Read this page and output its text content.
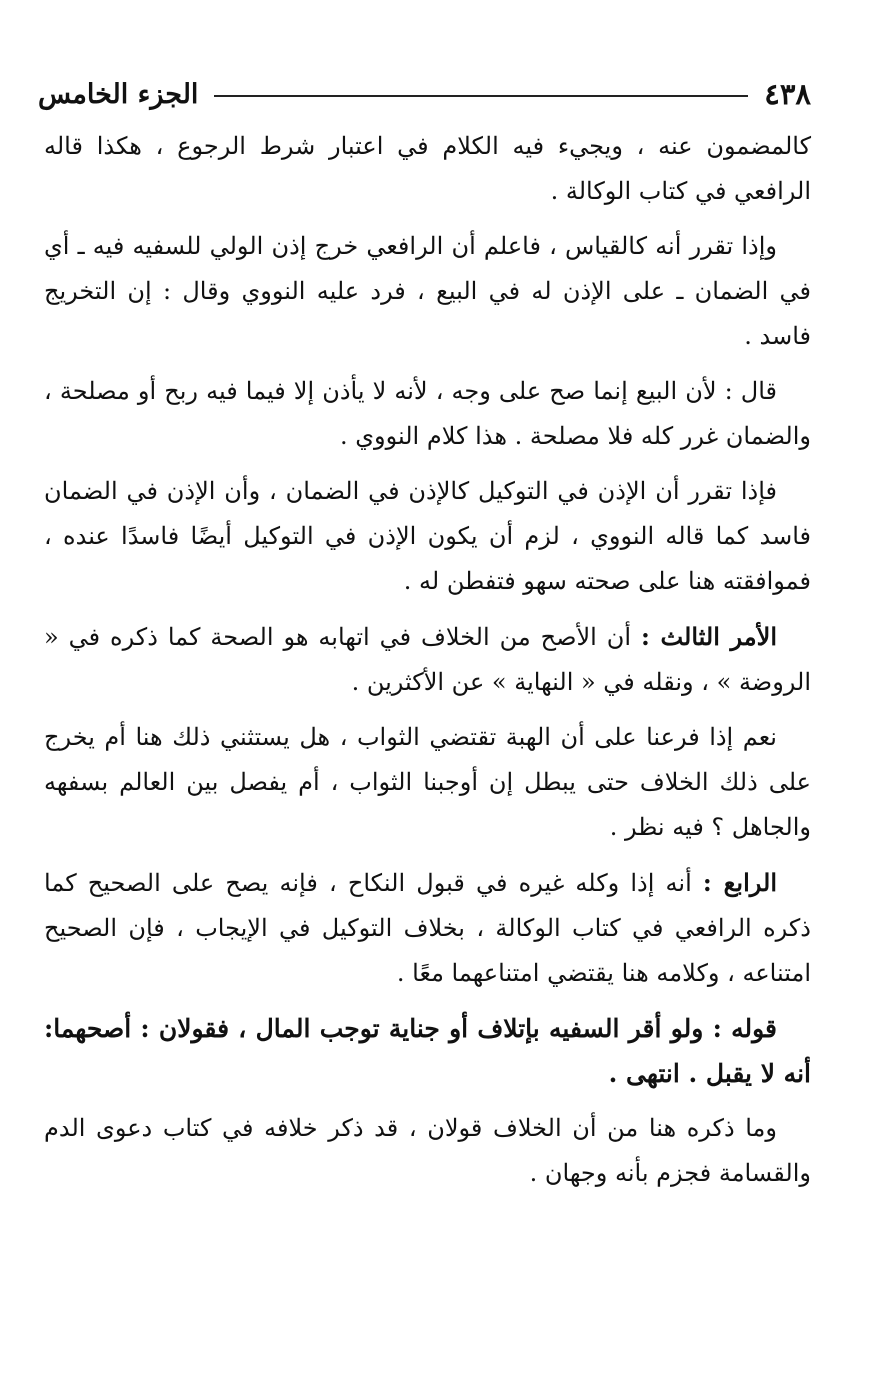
٤٣٨
الجزء الخامس

كالمضمون عنه ، ويجيء فيه الكلام في اعتبار شرط الرجوع ، هكذا قاله الرافعي في كتاب الوكالة .

وإذا تقرر أنه كالقياس ، فاعلم أن الرافعي خرج إذن الولي للسفيه فيه ـ أي في الضمان ـ على الإذن له في البيع ، فرد عليه النووي وقال : إن التخريج فاسد .

قال : لأن البيع إنما صح على وجه ، لأنه لا يأذن إلا فيما فيه ربح أو مصلحة ، والضمان غرر كله فلا مصلحة . هذا كلام النووي .

فإذا تقرر أن الإذن في التوكيل كالإذن في الضمان ، وأن الإذن في الضمان فاسد كما قاله النووي ، لزم أن يكون الإذن في التوكيل أيضًا فاسدًا عنده ، فموافقته هنا على صحته سهو فتفطن له .

الأمر الثالث : أن الأصح من الخلاف في اتهابه هو الصحة كما ذكره في « الروضة » ، ونقله في « النهاية » عن الأكثرين .

نعم إذا فرعنا على أن الهبة تقتضي الثواب ، هل يستثني ذلك هنا أم يخرج على ذلك الخلاف حتى يبطل إن أوجبنا الثواب ، أم يفصل بين العالم بسفهه والجاهل ؟ فيه نظر .

الرابع : أنه إذا وكله غيره في قبول النكاح ، فإنه يصح على الصحيح كما ذكره الرافعي في كتاب الوكالة ، بخلاف التوكيل في الإيجاب ، فإن الصحيح امتناعه ، وكلامه هنا يقتضي امتناعهما معًا .

قوله : ولو أقر السفيه بإتلاف أو جناية توجب المال ، فقولان : أصحهما: أنه لا يقبل . انتهى .

وما ذكره هنا من أن الخلاف قولان ، قد ذكر خلافه في كتاب دعوى الدم والقسامة فجزم بأنه وجهان .
